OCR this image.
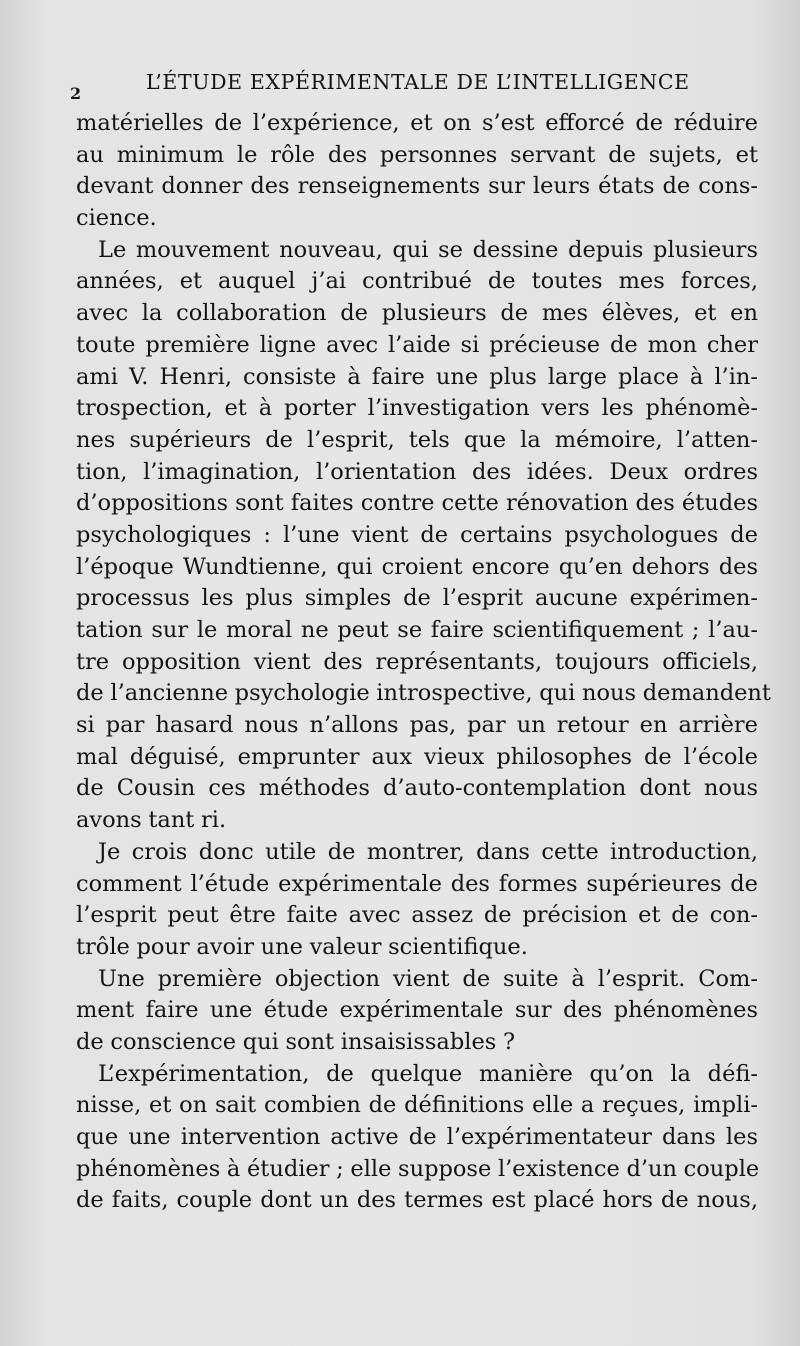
2	L’ÉTUDE EXPÉRIMENTALE DE L’INTELLIGENCE
matérielles de l’expérience, et on s’est efforcé de réduire
au minimum le rôle des personnes servant de sujets, et
devant donner des renseignements sur leurs états de cons-
cience.
Le mouvement nouveau, qui se dessine depuis plusieurs
années, et auquel j’ai contribué de toutes mes forces,
avec la collaboration de plusieurs de mes élèves, et en
toute première ligne avec l’aide si précieuse de mon cher
ami V. Henri, consiste à faire une plus large place à l’in-
trospection, et à porter l’investigation vers les phénomè-
nes supérieurs de l’esprit, tels que la mémoire, l’atten-
tion, l’imagination, l’orientation des idées. Deux ordres
d’oppositions sont faites contre cette rénovation des études
psychologiques : l’une vient de certains psychologues de
l’époque Wundtienne, qui croient encore qu’en dehors des
processus les plus simples de l’esprit aucune expérimen-
tation sur le moral ne peut se faire scientifiquement ; l’au-
tre opposition vient des représentants, toujours officiels,
de l’ancienne psychologie introspective, qui nous demandent
si par hasard nous n’allons pas, par un retour en arrière
mal déguisé, emprunter aux vieux philosophes de l’école
de Cousin ces méthodes d’auto-contemplation dont nous
avons tant ri.
Je crois donc utile de montrer, dans cette introduction,
comment l’étude expérimentale des formes supérieures de
l’esprit peut être faite avec assez de précision et de con-
trôle pour avoir une valeur scientifique.
Une première objection vient de suite à l’esprit. Com-
ment faire une étude expérimentale sur des phénomènes
de conscience qui sont insaisissables ?
L’expérimentation, de quelque manière qu’on la défi-
nisse, et on sait combien de définitions elle a reçues, impli-
que une intervention active de l’expérimentateur dans les
phénomènes à étudier ; elle suppose l’existence d’un couple
de faits, couple dont un des termes est placé hors de nous,
